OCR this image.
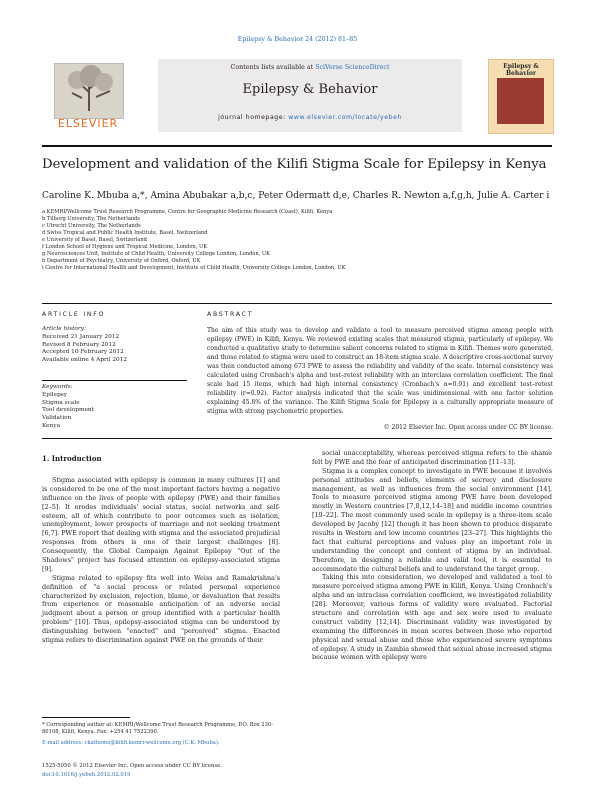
Epilepsy & Behavior 24 (2012) 81–85
ELSEVIER
Contents lists available at SciVerse ScienceDirect
Epilepsy & Behavior
journal homepage: www.elsevier.com/locate/yebeh
Epilepsy & Behavior
Development and validation of the Kilifi Stigma Scale for Epilepsy in Kenya
Caroline K. Mbuba a,*, Amina Abubakar a,b,c, Peter Odermatt d,e, Charles R. Newton a,f,g,h, Julie A. Carter i
a KEMRI/Wellcome Trust Research Programme, Centre for Geographic Medicine Research (Coast), Kilifi, Kenya
b Tilburg University, The Netherlands
c Utrecht University, The Netherlands
d Swiss Tropical and Public Health Institute, Basel, Switzerland
e University of Basel, Basel, Switzerland
f London School of Hygiene and Tropical Medicine, London, UK
g Neurosciences Unit, Institute of Child Health, University College London, London, UK
h Department of Psychiatry, University of Oxford, Oxford, UK
i Centre for International Health and Development, Institute of Child Health, University College London, London, UK
ARTICLE INFO
Article history:
Received 21 January 2012
Revised 8 February 2012
Accepted 10 February 2012
Available online 4 April 2012
Keywords:
Epilepsy
Stigma scale
Tool development
Validation
Kenya
ABSTRACT
The aim of this study was to develop and validate a tool to measure perceived stigma among people with epilepsy (PWE) in Kilifi, Kenya. We reviewed existing scales that measured stigma, particularly of epilepsy. We conducted a qualitative study to determine salient concerns related to stigma in Kilifi. Themes were generated, and those related to stigma were used to construct an 18-item stigma scale. A descriptive cross-sectional survey was then conducted among 673 PWE to assess the reliability and validity of the scale. Internal consistency was calculated using Cronbach's alpha and test–retest reliability with an interclass correlation coefficient. The final scale had 15 items, which had high internal consistency (Cronbach's α=0.91) and excellent test–retest reliability (r=0.92). Factor analysis indicated that the scale was unidimensional with one factor solution explaining 45.8% of the variance. The Kilifi Stigma Scale for Epilepsy is a culturally appropriate measure of stigma with strong psychometric properties.
© 2012 Elsevier Inc. Open access under CC BY license.
1. Introduction

Stigma associated with epilepsy is common in many cultures [1] and is considered to be one of the most important factors having a negative influence on the lives of people with epilepsy (PWE) and their families [2–5]. It erodes individuals' social status, social networks and self-esteem, all of which contribute to poor outcomes such as isolation, unemployment, lower prospects of marriage and not seeking treatment [6,7]. PWE report that dealing with stigma and the associated prejudicial responses from others is one of their largest challenges [8]. Consequently, the Global Campaign Against Epilepsy "Out of the Shadows" project has focused attention on epilepsy-associated stigma [9].

Stigma related to epilepsy fits well into Weiss and Ramakrishna's definition of "a social process or related personal experience characterized by exclusion, rejection, blame, or devaluation that results from experience or reasonable anticipation of an adverse social judgment about a person or group identified with a particular health problem" [10]. Thus, epilepsy-associated stigma can be understood by distinguishing between "enacted" and "perceived" stigma. Enacted stigma refers to discrimination against PWE on the grounds of their

social unacceptability, whereas perceived stigma refers to the shame felt by PWE and the fear of anticipated discrimination [11–13].

Stigma is a complex concept to investigate in PWE because it involves personal attitudes and beliefs, elements of secrecy and disclosure management, as well as influences from the social environment [14]. Tools to measure perceived stigma among PWE have been developed mostly in Western countries [7,8,12,14–18] and middle income countries [19–22]. The most commonly used scale in epilepsy is a three-item scale developed by Jacoby [12] though it has been shown to produce disparate results in Western and low income countries [23–27]. This highlights the fact that cultural perceptions and values play an important role in understanding the concept and content of stigma by an individual. Therefore, in designing a reliable and valid tool, it is essential to accommodate the cultural beliefs and to understand the target group.

Taking this into consideration, we developed and validated a tool to measure perceived stigma among PWE in Kilifi, Kenya. Using Cronbach's alpha and an intraclass correlation coefficient, we investigated reliability [28]. Moreover, various forms of validity were evaluated. Factorial structure and correlation with age and sex were used to evaluate construct validity [12,14]. Discriminant validity was investigated by examining the differences in mean scores between those who reported physical and sexual abuse and those who experienced severe symptoms of epilepsy. A study in Zambia showed that sexual abuse increased stigma because women with epilepsy were

* Corresponding author at: KEMRI/Wellcome Trust Research Programme, P.O. Box 230-80108, Kilifi, Kenya. Fax: +254 41 7522390.
E-mail address: ckathomo@kilifi.kemri-wellcome.org (C.K. Mbuba).
1525-5050 © 2012 Elsevier Inc. Open access under CC BY license.
doi:10.1016/j.yebeh.2012.02.019
